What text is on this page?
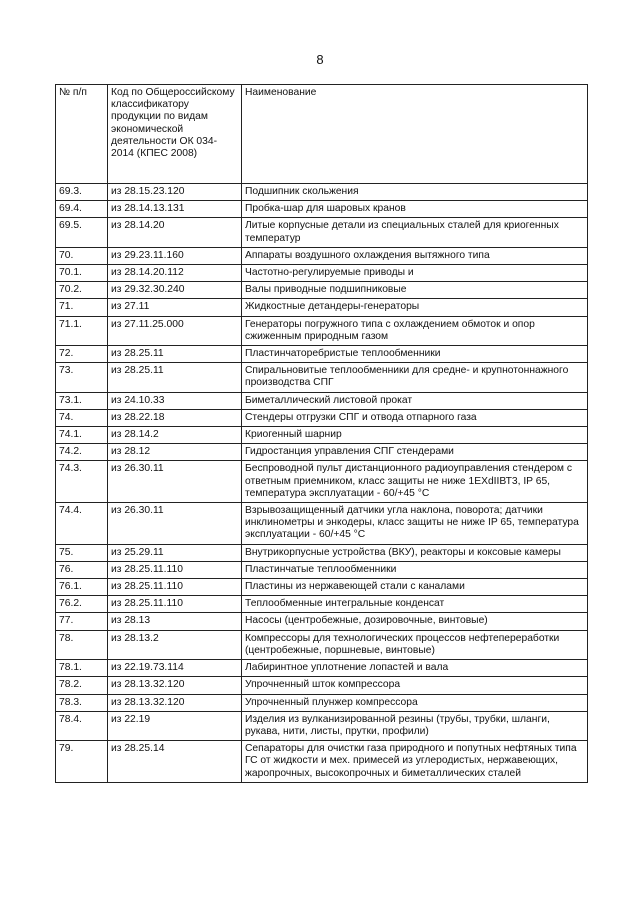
8
№ п/п	Код по Общероссийскому классификатору продукции по видам экономической деятельности ОК 034-2014 (КПЕС 2008)	Наименование
69.3.	из 28.15.23.120	Подшипник скольжения
69.4.	из 28.14.13.131	Пробка-шар для шаровых кранов
69.5.	из 28.14.20	Литые корпусные детали из специальных сталей для криогенных температур
70.	из 29.23.11.160	Аппараты воздушного охлаждения вытяжного типа
70.1.	из 28.14.20.112	Частотно-регулируемые приводы и
70.2.	из 29.32.30.240	Валы приводные подшипниковые
71.	из 27.11	Жидкостные детандеры-генераторы
71.1.	из 27.11.25.000	Генераторы погружного типа с охлаждением обмоток и опор сжиженным природным газом
72.	из 28.25.11	Пластинчаторебристые теплообменники
73.	из 28.25.11	Спиральновитые теплообменники для средне- и крупнотоннажного производства СПГ
73.1.	из 24.10.33	Биметаллический листовой прокат
74.	из 28.22.18	Стендеры отгрузки СПГ и отвода отпарного газа
74.1.	из 28.14.2	Криогенный шарнир
74.2.	из 28.12	Гидростанция управления СПГ стендерами
74.3.	из 26.30.11	Беспроводной пульт дистанционного радиоуправления стендером с ответным приемником, класс защиты не ниже 1ЕХdIIВТ3, IP 65, температура эксплуатации - 60/+45 °С
74.4.	из 26.30.11	Взрывозащищенный датчики угла наклона, поворота; датчики инклинометры и энкодеры, класс защиты не ниже IP 65, температура эксплуатации - 60/+45 °С
75.	из 25.29.11	Внутрикорпусные устройства (ВКУ), реакторы и коксовые камеры
76.	из 28.25.11.110	Пластинчатые теплообменники
76.1.	из 28.25.11.110	Пластины из нержавеющей стали с каналами
76.2.	из 28.25.11.110	Теплообменные интегральные конденсат
77.	из 28.13	Насосы (центробежные, дозировочные, винтовые)
78.	из 28.13.2	Компрессоры для технологических процессов нефтепереработки (центробежные, поршневые, винтовые)
78.1.	из 22.19.73.114	Лабиринтное уплотнение лопастей и вала
78.2.	из 28.13.32.120	Упрочненный шток компрессора
78.3.	из 28.13.32.120	Упрочненный плунжер компрессора
78.4.	из 22.19	Изделия из вулканизированной резины (трубы, трубки, шланги, рукава, нити, листы, прутки, профили)
79.	из 28.25.14	Сепараторы для очистки газа природного и попутных нефтяных типа ГС от жидкости и мех. примесей из углеродистых, нержавеющих, жаропрочных, высокопрочных и биметаллических сталей
